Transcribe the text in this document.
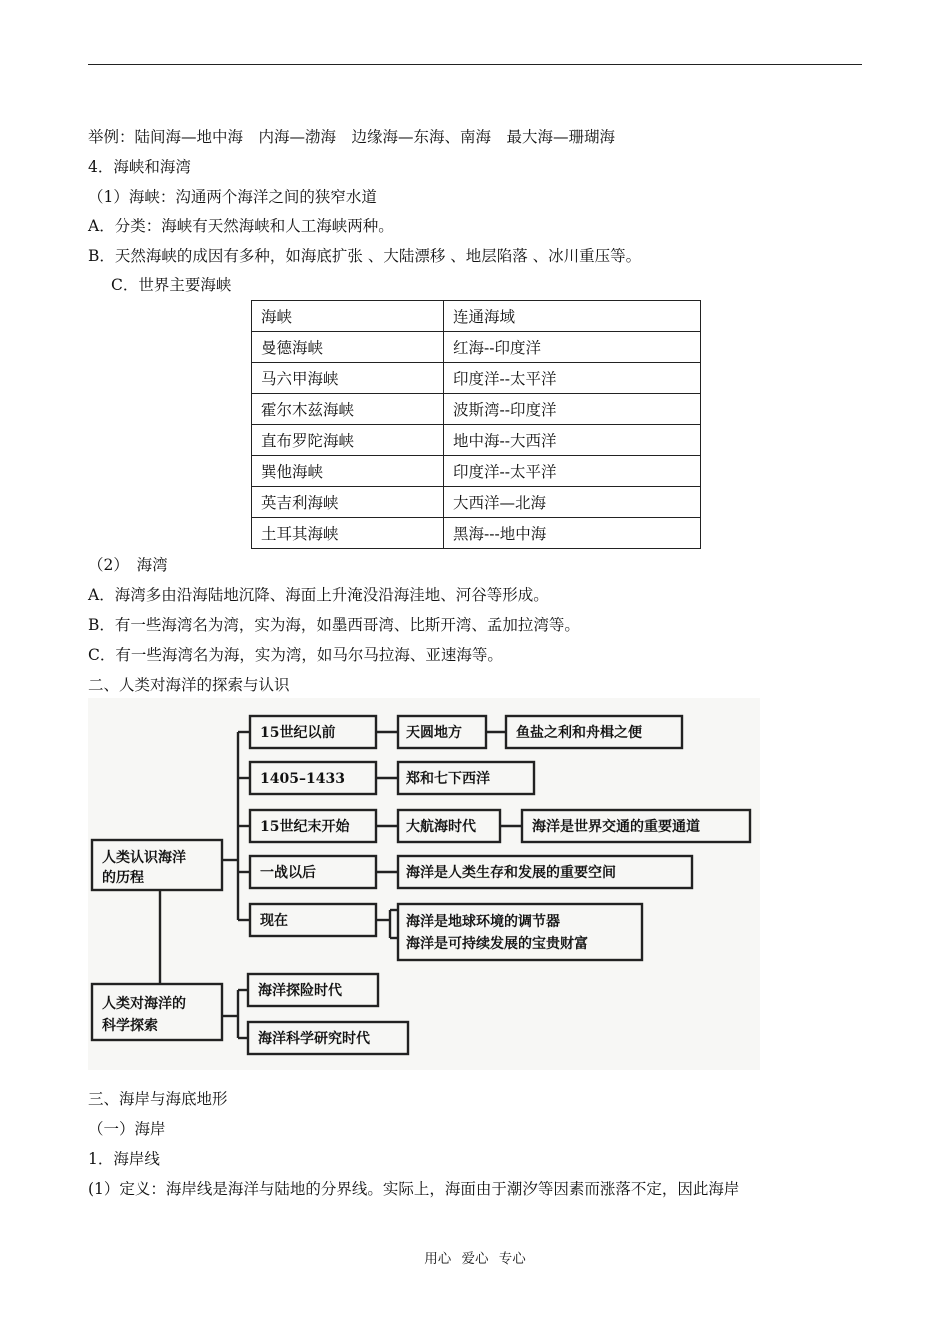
举例：陆间海—地中海　内海—渤海　边缘海—东海、南海　最大海—珊瑚海
4．海峡和海湾
（1）海峡：沟通两个海洋之间的狭窄水道
A．分类：海峡有天然海峡和人工海峡两种。
B．天然海峡的成因有多种，如海底扩张 、大陆漂移 、地层陷落 、冰川重压等。
C．世界主要海峡
海峡	连通海域
曼德海峡	红海--印度洋
马六甲海峡	印度洋--太平洋
霍尔木兹海峡	波斯湾--印度洋
直布罗陀海峡	地中海--大西洋
巽他海峡	印度洋--太平洋
英吉利海峡	大西洋—北海
土耳其海峡	黑海---地中海
（2）　海湾
A．海湾多由沿海陆地沉降、海面上升淹没沿海洼地、河谷等形成。
B．有一些海湾名为湾，实为海，如墨西哥湾、比斯开湾、孟加拉湾等。
C．有一些海湾名为海，实为湾，如马尔马拉海、亚速海等。
二、人类对海洋的探索与认识
人类认识海洋
的历程
人类对海洋的
科学探索
15世纪以前
1405–1433
15世纪末开始
一战以后
现在
天圆地方
郑和七下西洋
大航海时代
海洋是人类生存和发展的重要空间
海洋是地球环境的调节器
海洋是可持续发展的宝贵财富
鱼盐之利和舟楫之便
海洋是世界交通的重要通道
海洋探险时代
海洋科学研究时代
三、海岸与海底地形
（一）海岸
1．海岸线
(1）定义：海岸线是海洋与陆地的分界线。实际上，海面由于潮汐等因素而涨落不定，因此海岸
用心 爱心 专心
